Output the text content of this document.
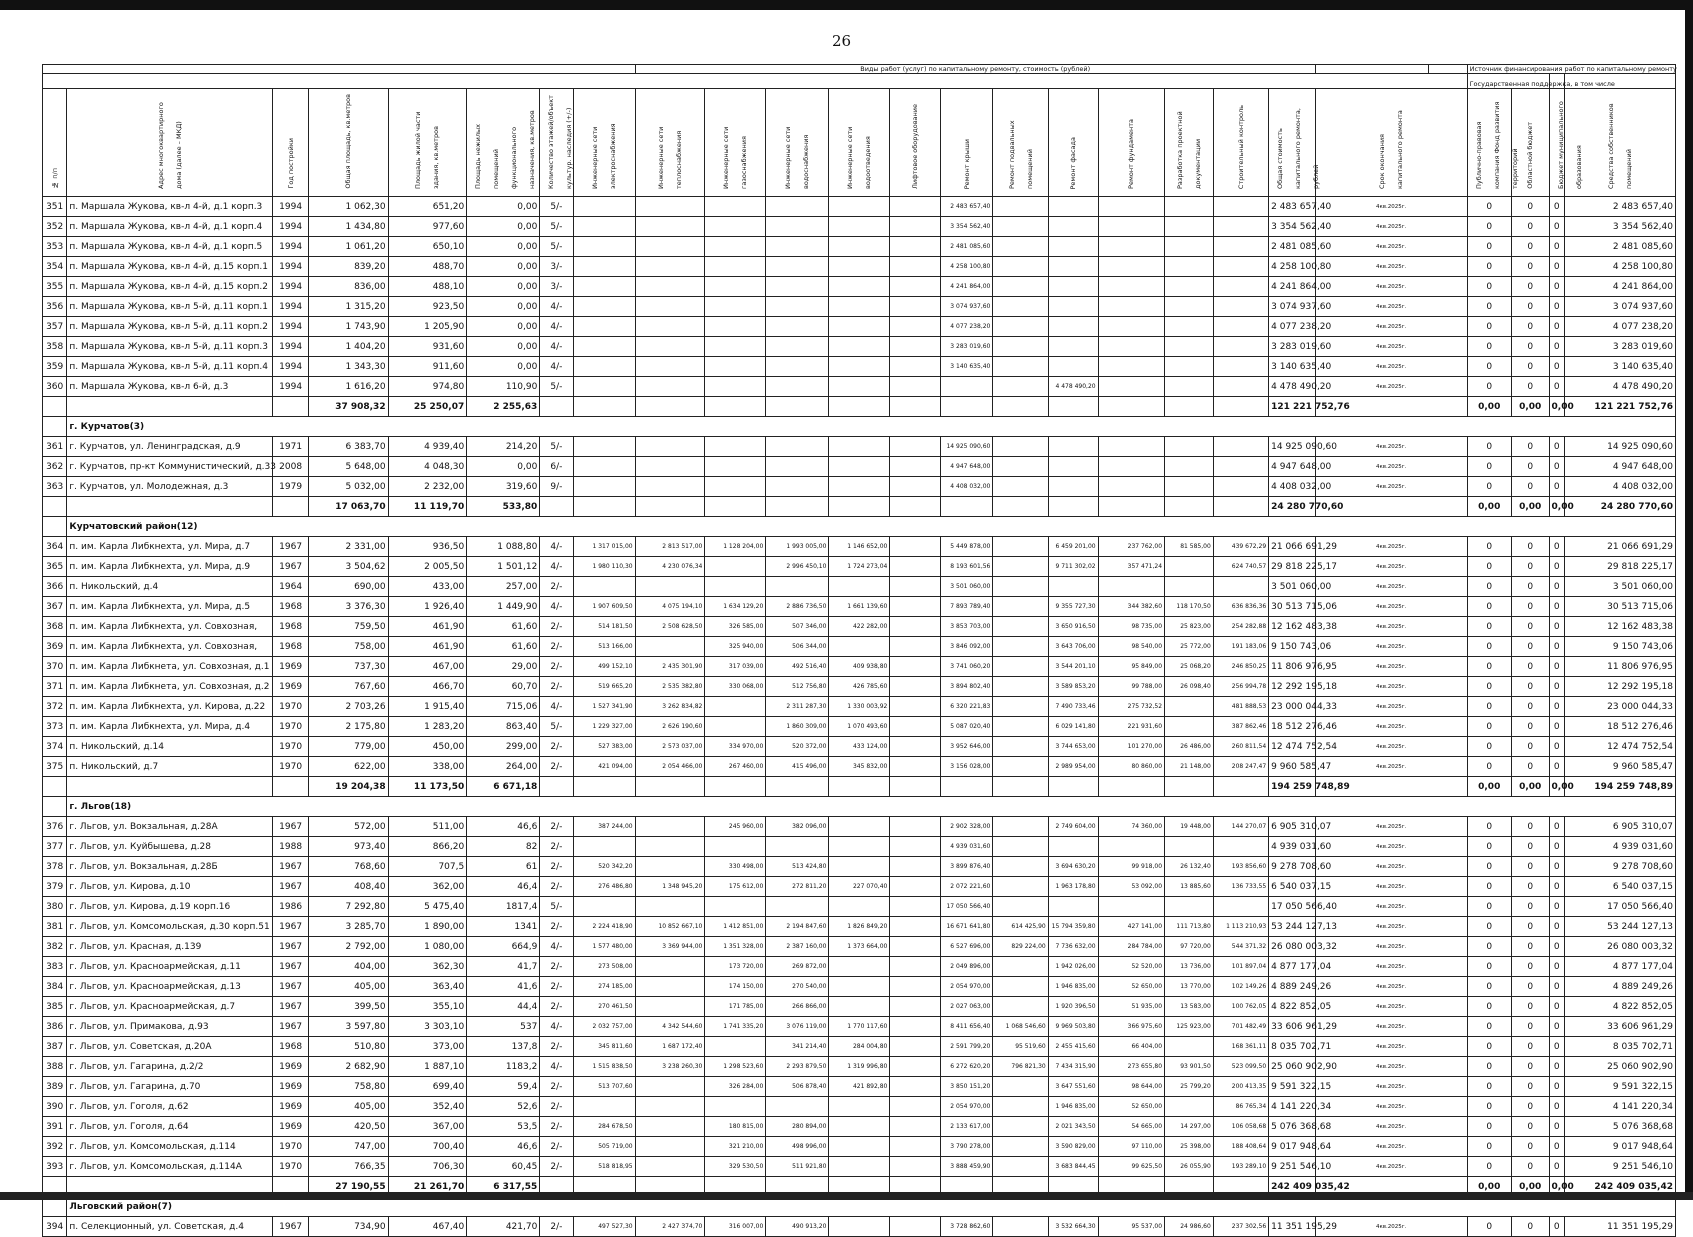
26
								Виды работ (услуг) по капитальному ремонту, стоимость (рублей)														Источник финансирования работ по капитальному ремонту			
																						Государственная поддержка, в том числе			
№ п/п	Адрес многоквартирного дома (далее – МКД)	Год постройки	Общая площадь, кв.метров	Площадь жилой части здания, кв.метров	Площадь нежилых помещений функционального назначения, кв.метров	Количество этажей/объект культур. наследия (+/-)	Инженерные сети электроснабжения	Инженерные сети теплоснабжения	Инженерные сети газоснабжения	Инженерные сети водоснабжения	Инженерные сети водоотведения	Лифтовое оборудование	Ремонт крыши	Ремонт подвальных помещений	Ремонт фасада	Ремонт фундамента	Разработка проектной документации	Строительный контроль	Общая стоимость капитального ремонта, рублей	Срок окончания капитального ремонта		Публично-правовая компания Фонд развития территорий	Областной бюджет	Бюджет муниципального образования	Средства собственников помещений
351	п. Маршала Жукова, кв-л 4-й, д.1 корп.3	1994	1 062,30	651,20	0,00	5/-							2 483 657,40						2 483 657,40	4кв.2025г.		0	0	0	2 483 657,40
352	п. Маршала Жукова, кв-л 4-й, д.1 корп.4	1994	1 434,80	977,60	0,00	5/-							3 354 562,40						3 354 562,40	4кв.2025г.		0	0	0	3 354 562,40
353	п. Маршала Жукова, кв-л 4-й, д.1 корп.5	1994	1 061,20	650,10	0,00	5/-							2 481 085,60						2 481 085,60	4кв.2025г.		0	0	0	2 481 085,60
354	п. Маршала Жукова, кв-л 4-й, д.15 корп.1	1994	839,20	488,70	0,00	3/-							4 258 100,80						4 258 100,80	4кв.2025г.		0	0	0	4 258 100,80
355	п. Маршала Жукова, кв-л 4-й, д.15 корп.2	1994	836,00	488,10	0,00	3/-							4 241 864,00						4 241 864,00	4кв.2025г.		0	0	0	4 241 864,00
356	п. Маршала Жукова, кв-л 5-й, д.11 корп.1	1994	1 315,20	923,50	0,00	4/-							3 074 937,60						3 074 937,60	4кв.2025г.		0	0	0	3 074 937,60
357	п. Маршала Жукова, кв-л 5-й, д.11 корп.2	1994	1 743,90	1 205,90	0,00	4/-							4 077 238,20						4 077 238,20	4кв.2025г.		0	0	0	4 077 238,20
358	п. Маршала Жукова, кв-л 5-й, д.11 корп.3	1994	1 404,20	931,60	0,00	4/-							3 283 019,60						3 283 019,60	4кв.2025г.		0	0	0	3 283 019,60
359	п. Маршала Жукова, кв-л 5-й, д.11 корп.4	1994	1 343,30	911,60	0,00	4/-							3 140 635,40						3 140 635,40	4кв.2025г.		0	0	0	3 140 635,40
360	п. Маршала Жукова, кв-л 6-й, д.3	1994	1 616,20	974,80	110,90	5/-									4 478 490,20				4 478 490,20	4кв.2025г.		0	0	0	4 478 490,20
			37 908,32	25 250,07	2 255,63														121 221 752,76			0,00	0,00	0,00	121 221 752,76
	г. Курчатов(3)																								
361	г. Курчатов, ул. Ленинградская, д.9	1971	6 383,70	4 939,40	214,20	5/-							14 925 090,60						14 925 090,60	4кв.2025г.		0	0	0	14 925 090,60
362	г. Курчатов, пр-кт Коммунистический, д.33	2008	5 648,00	4 048,30	0,00	6/-							4 947 648,00						4 947 648,00	4кв.2025г.		0	0	0	4 947 648,00
363	г. Курчатов, ул. Молодежная, д.3	1979	5 032,00	2 232,00	319,60	9/-							4 408 032,00						4 408 032,00	4кв.2025г.		0	0	0	4 408 032,00
			17 063,70	11 119,70	533,80														24 280 770,60			0,00	0,00	0,00	24 280 770,60
	Курчатовский район(12)																								
364	п. им. Карла Либкнехта, ул. Мира, д.7	1967	2 331,00	936,50	1 088,80	4/-	1 317 015,00	2 813 517,00	1 128 204,00	1 993 005,00	1 146 652,00		5 449 878,00		6 459 201,00	237 762,00	81 585,00	439 672,29	21 066 691,29	4кв.2025г.		0	0	0	21 066 691,29
365	п. им. Карла Либкнехта, ул. Мира, д.9	1967	3 504,62	2 005,50	1 501,12	4/-	1 980 110,30	4 230 076,34		2 996 450,10	1 724 273,04		8 193 601,56		9 711 302,02	357 471,24		624 740,57	29 818 225,17	4кв.2025г.		0	0	0	29 818 225,17
366	п. Никольский, д.4	1964	690,00	433,00	257,00	2/-							3 501 060,00						3 501 060,00	4кв.2025г.		0	0	0	3 501 060,00
367	п. им. Карла Либкнехта, ул. Мира, д.5	1968	3 376,30	1 926,40	1 449,90	4/-	1 907 609,50	4 075 194,10	1 634 129,20	2 886 736,50	1 661 139,60		7 893 789,40		9 355 727,30	344 382,60	118 170,50	636 836,36	30 513 715,06	4кв.2025г.		0	0	0	30 513 715,06
368	п. им. Карла Либкнехта, ул. Совхозная,	1968	759,50	461,90	61,60	2/-	514 181,50	2 508 628,50	326 585,00	507 346,00	422 282,00		3 853 703,00		3 650 916,50	98 735,00	25 823,00	254 282,88	12 162 483,38	4кв.2025г.		0	0	0	12 162 483,38
369	п. им. Карла Либкнехта, ул. Совхозная,	1968	758,00	461,90	61,60	2/-	513 166,00		325 940,00	506 344,00			3 846 092,00		3 643 706,00	98 540,00	25 772,00	191 183,06	9 150 743,06	4кв.2025г.		0	0	0	9 150 743,06
370	п. им. Карла Либкнета, ул. Совхозная, д.1	1969	737,30	467,00	29,00	2/-	499 152,10	2 435 301,90	317 039,00	492 516,40	409 938,80		3 741 060,20		3 544 201,10	95 849,00	25 068,20	246 850,25	11 806 976,95	4кв.2025г.		0	0	0	11 806 976,95
371	п. им. Карла Либкнета, ул. Совхозная, д.2	1969	767,60	466,70	60,70	2/-	519 665,20	2 535 382,80	330 068,00	512 756,80	426 785,60		3 894 802,40		3 589 853,20	99 788,00	26 098,40	256 994,78	12 292 195,18	4кв.2025г.		0	0	0	12 292 195,18
372	п. им. Карла Либкнехта, ул. Кирова, д.22	1970	2 703,26	1 915,40	715,06	4/-	1 527 341,90	3 262 834,82		2 311 287,30	1 330 003,92		6 320 221,83		7 490 733,46	275 732,52		481 888,53	23 000 044,33	4кв.2025г.		0	0	0	23 000 044,33
373	п. им. Карла Либкнехта, ул. Мира, д.4	1970	2 175,80	1 283,20	863,40	5/-	1 229 327,00	2 626 190,60		1 860 309,00	1 070 493,60		5 087 020,40		6 029 141,80	221 931,60		387 862,46	18 512 276,46	4кв.2025г.		0	0	0	18 512 276,46
374	п. Никольский, д.14	1970	779,00	450,00	299,00	2/-	527 383,00	2 573 037,00	334 970,00	520 372,00	433 124,00		3 952 646,00		3 744 653,00	101 270,00	26 486,00	260 811,54	12 474 752,54	4кв.2025г.		0	0	0	12 474 752,54
375	п. Никольский, д.7	1970	622,00	338,00	264,00	2/-	421 094,00	2 054 466,00	267 460,00	415 496,00	345 832,00		3 156 028,00		2 989 954,00	80 860,00	21 148,00	208 247,47	9 960 585,47	4кв.2025г.		0	0	0	9 960 585,47
			19 204,38	11 173,50	6 671,18														194 259 748,89			0,00	0,00	0,00	194 259 748,89
	г. Льгов(18)																								
376	г. Льгов, ул. Вокзальная, д.28А	1967	572,00	511,00	46,6	2/-	387 244,00		245 960,00	382 096,00			2 902 328,00		2 749 604,00	74 360,00	19 448,00	144 270,07	6 905 310,07	4кв.2025г.		0	0	0	6 905 310,07
377	г. Льгов, ул. Куйбышева, д.28	1988	973,40	866,20	82	2/-							4 939 031,60						4 939 031,60	4кв.2025г.		0	0	0	4 939 031,60
378	г. Льгов, ул. Вокзальная, д.28Б	1967	768,60	707,5	61	2/-	520 342,20		330 498,00	513 424,80			3 899 876,40		3 694 630,20	99 918,00	26 132,40	193 856,60	9 278 708,60	4кв.2025г.		0	0	0	9 278 708,60
379	г. Льгов, ул. Кирова, д.10	1967	408,40	362,00	46,4	2/-	276 486,80	1 348 945,20	175 612,00	272 811,20	227 070,40		2 072 221,60		1 963 178,80	53 092,00	13 885,60	136 733,55	6 540 037,15	4кв.2025г.		0	0	0	6 540 037,15
380	г. Льгов, ул. Кирова, д.19 корп.16	1986	7 292,80	5 475,40	1817,4	5/-							17 050 566,40						17 050 566,40	4кв.2025г.		0	0	0	17 050 566,40
381	г. Льгов, ул. Комсомольская, д.30 корп.51	1967	3 285,70	1 890,00	1341	2/-	2 224 418,90	10 852 667,10	1 412 851,00	2 194 847,60	1 826 849,20		16 671 641,80	614 425,90	15 794 359,80	427 141,00	111 713,80	1 113 210,93	53 244 127,13	4кв.2025г.		0	0	0	53 244 127,13
382	г. Льгов, ул. Красная, д.139	1967	2 792,00	1 080,00	664,9	4/-	1 577 480,00	3 369 944,00	1 351 328,00	2 387 160,00	1 373 664,00		6 527 696,00	829 224,00	7 736 632,00	284 784,00	97 720,00	544 371,32	26 080 003,32	4кв.2025г.		0	0	0	26 080 003,32
383	г. Льгов, ул. Красноармейская, д.11	1967	404,00	362,30	41,7	2/-	273 508,00		173 720,00	269 872,00			2 049 896,00		1 942 026,00	52 520,00	13 736,00	101 897,04	4 877 177,04	4кв.2025г.		0	0	0	4 877 177,04
384	г. Льгов, ул. Красноармейская, д.13	1967	405,00	363,40	41,6	2/-	274 185,00		174 150,00	270 540,00			2 054 970,00		1 946 835,00	52 650,00	13 770,00	102 149,26	4 889 249,26	4кв.2025г.		0	0	0	4 889 249,26
385	г. Льгов, ул. Красноармейская, д.7	1967	399,50	355,10	44,4	2/-	270 461,50		171 785,00	266 866,00			2 027 063,00		1 920 396,50	51 935,00	13 583,00	100 762,05	4 822 852,05	4кв.2025г.		0	0	0	4 822 852,05
386	г. Льгов, ул. Примакова, д.93	1967	3 597,80	3 303,10	537	4/-	2 032 757,00	4 342 544,60	1 741 335,20	3 076 119,00	1 770 117,60		8 411 656,40	1 068 546,60	9 969 503,80	366 975,60	125 923,00	701 482,49	33 606 961,29	4кв.2025г.		0	0	0	33 606 961,29
387	г. Льгов, ул. Советская, д.20А	1968	510,80	373,00	137,8	2/-	345 811,60	1 687 172,40		341 214,40	284 004,80		2 591 799,20	95 519,60	2 455 415,60	66 404,00		168 361,11	8 035 702,71	4кв.2025г.		0	0	0	8 035 702,71
388	г. Льгов, ул. Гагарина, д.2/2	1969	2 682,90	1 887,10	1183,2	4/-	1 515 838,50	3 238 260,30	1 298 523,60	2 293 879,50	1 319 996,80		6 272 620,20	796 821,30	7 434 315,90	273 655,80	93 901,50	523 099,50	25 060 902,90	4кв.2025г.		0	0	0	25 060 902,90
389	г. Льгов, ул. Гагарина, д.70	1969	758,80	699,40	59,4	2/-	513 707,60		326 284,00	506 878,40	421 892,80		3 850 151,20		3 647 551,60	98 644,00	25 799,20	200 413,35	9 591 322,15	4кв.2025г.		0	0	0	9 591 322,15
390	г. Льгов, ул. Гоголя, д.62	1969	405,00	352,40	52,6	2/-							2 054 970,00		1 946 835,00	52 650,00		86 765,34	4 141 220,34	4кв.2025г.		0	0	0	4 141 220,34
391	г. Льгов, ул. Гоголя, д.64	1969	420,50	367,00	53,5	2/-	284 678,50		180 815,00	280 894,00			2 133 617,00		2 021 343,50	54 665,00	14 297,00	106 058,68	5 076 368,68	4кв.2025г.		0	0	0	5 076 368,68
392	г. Льгов, ул. Комсомольская, д.114	1970	747,00	700,40	46,6	2/-	505 719,00		321 210,00	498 996,00			3 790 278,00		3 590 829,00	97 110,00	25 398,00	188 408,64	9 017 948,64	4кв.2025г.		0	0	0	9 017 948,64
393	г. Льгов, ул. Комсомольская, д.114А	1970	766,35	706,30	60,45	2/-	518 818,95		329 530,50	511 921,80			3 888 459,90		3 683 844,45	99 625,50	26 055,90	193 289,10	9 251 546,10	4кв.2025г.		0	0	0	9 251 546,10
			27 190,55	21 261,70	6 317,55														242 409 035,42			0,00	0,00	0,00	242 409 035,42
	Льговский район(7)																								
394	п. Селекционный, ул. Советская, д.4	1967	734,90	467,40	421,70	2/-	497 527,30	2 427 374,70	316 007,00	490 913,20			3 728 862,60		3 532 664,30	95 537,00	24 986,60	237 302,56	11 351 195,29	4кв.2025г.		0	0	0	11 351 195,29
